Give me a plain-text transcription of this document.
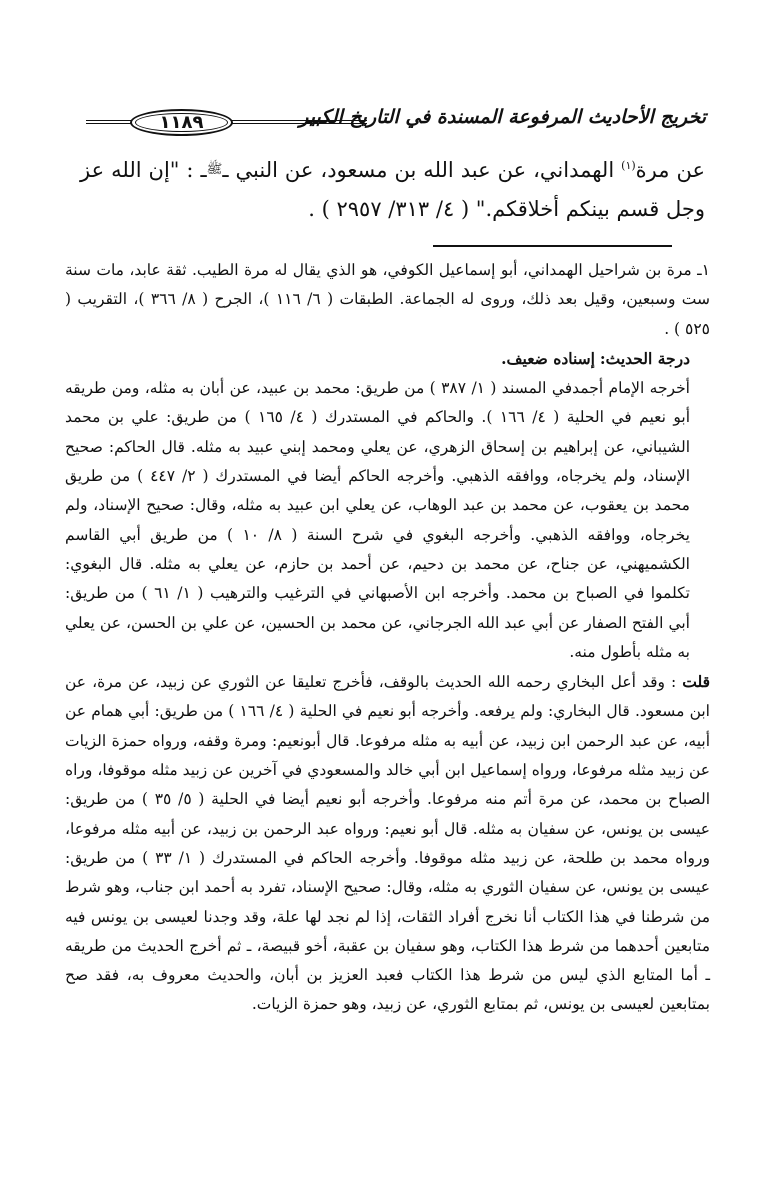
تخريج الأحاديث المرفوعة المسندة في التاريخ الكبير
١١٨٩
عن مرة$^{(١)}$ الهمداني، عن عبد الله بن مسعود، عن النبي ـﷺـ : "إن الله عز وجل قسم بينكم أخلاقكم." ( ٤/ ٣١٣/ ٢٩٥٧ ) .

١ـ مرة بن شراحيل الهمداني، أبو إسماعيل الكوفي، هو الذي يقال له مرة الطيب. ثقة عابد، مات سنة ست وسبعين، وقيل بعد ذلك، وروى له الجماعة. الطبقات ( ٦/ ١١٦ )، الجرح ( ٨/ ٣٦٦ )، التقريب ( ٥٢٥ ) .

درجة الحديث: إسناده ضعيف.

أخرجه الإمام أجمدفي المسند ( ١/ ٣٨٧ ) من طريق: محمد بن عبيد، عن أبان به مثله، ومن طريقه أبو نعيم في الحلية ( ٤/ ١٦٦ ). والحاكم في المستدرك ( ٤/ ١٦٥ ) من طريق: علي بن محمد الشيباني، عن إبراهيم بن إسحاق الزهري، عن يعلي ومحمد إبني عبيد به مثله. قال الحاكم: صحيح الإسناد، ولم يخرجاه، ووافقه الذهبي. وأخرجه الحاكم أيضا في المستدرك ( ٢/ ٤٤٧ ) من طريق محمد بن يعقوب، عن محمد بن عبد الوهاب، عن يعلي ابن عبيد به مثله، وقال: صحيح الإسناد، ولم يخرجاه، ووافقه الذهبي. وأخرجه البغوي في شرح السنة ( ٨/ ١٠ ) من طريق أبي القاسم الكشميهني، عن جناح، عن محمد بن دحيم، عن أحمد بن حازم، عن يعلي به مثله. قال البغوي: تكلموا في الصباح بن محمد. وأخرجه ابن الأصبهاني في الترغيب والترهيب ( ١/ ٦١ ) من طريق: أبي الفتح الصفار عن أبي عبد الله الجرجاني، عن محمد بن الحسين، عن علي بن الحسن، عن يعلي به مثله بأطول منه.

قلت : وقد أعل البخاري رحمه الله الحديث بالوقف، فأخرج تعليقا عن الثوري عن زبيد، عن مرة، عن ابن مسعود. قال البخاري: ولم يرفعه. وأخرجه أبو نعيم في الحلية ( ٤/ ١٦٦ ) من طريق: أبي همام عن أبيه، عن عبد الرحمن ابن زبيد، عن أبيه به مثله مرفوعا. قال أبونعيم: ومرة وقفه، ورواه حمزة الزيات عن زبيد مثله مرفوعا، ورواه إسماعيل ابن أبي خالد والمسعودي في آخرين عن زبيد مثله موقوفا، وراه الصباح بن محمد، عن مرة أتم منه مرفوعا. وأخرجه أبو نعيم أيضا في الحلية ( ٥/ ٣٥ ) من طريق: عيسى بن يونس، عن سفيان به مثله. قال أبو نعيم: ورواه عبد الرحمن بن زبيد، عن أبيه مثله مرفوعا، ورواه محمد بن طلحة، عن زبيد مثله موقوفا. وأخرجه الحاكم في المستدرك ( ١/ ٣٣ ) من طريق: عيسى بن يونس، عن سفيان الثوري به مثله، وقال: صحيح الإسناد، تفرد به أحمد ابن جناب، وهو شرط من شرطنا في هذا الكتاب أنا نخرج أفراد الثقات، إذا لم نجد لها علة، وقد وجدنا لعيسى بن يونس فيه متابعين أحدهما من شرط هذا الكتاب، وهو سفيان بن عقبة، أخو قبيصة، ـ ثم أخرج الحديث من طريقه ـ أما المتابع الذي ليس من شرط هذا الكتاب فعبد العزيز بن أبان، والحديث معروف به، فقد صح بمتابعين لعيسى بن يونس، ثم بمتابع الثوري، عن زبيد، وهو حمزة الزيات.
